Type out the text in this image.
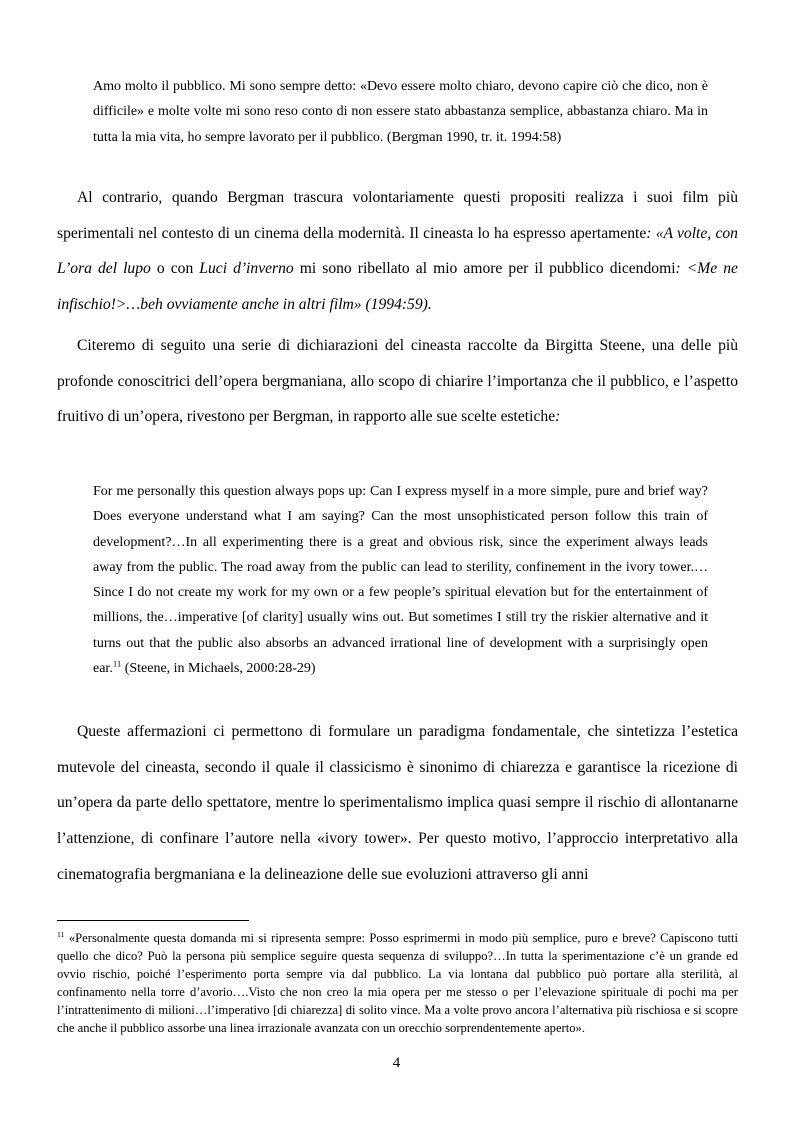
Amo molto il pubblico. Mi sono sempre detto: «Devo essere molto chiaro, devono capire ciò che dico, non è difficile» e molte volte mi sono reso conto di non essere stato abbastanza semplice, abbastanza chiaro. Ma in tutta la mia vita, ho sempre lavorato per il pubblico. (Bergman 1990, tr. it. 1994:58)

Al contrario, quando Bergman trascura volontariamente questi propositi realizza i suoi film più sperimentali nel contesto di un cinema della modernità. Il cineasta lo ha espresso apertamente: «A volte, con L’ora del lupo o con Luci d’inverno mi sono ribellato al mio amore per il pubblico dicendomi: <Me ne infischio!>…beh ovviamente anche in altri film» (1994:59).

Citeremo di seguito una serie di dichiarazioni del cineasta raccolte da Birgitta Steene, una delle più profonde conoscitrici dell’opera bergmaniana, allo scopo di chiarire l’importanza che il pubblico, e l’aspetto fruitivo di un’opera, rivestono per Bergman, in rapporto alle sue scelte estetiche:

For me personally this question always pops up: Can I express myself in a more simple, pure and brief way? Does everyone understand what I am saying? Can the most unsophisticated person follow this train of development?…In all experimenting there is a great and obvious risk, since the experiment always leads away from the public. The road away from the public can lead to sterility, confinement in the ivory tower.…Since I do not create my work for my own or a few people’s spiritual elevation but for the entertainment of millions, the…imperative [of clarity] usually wins out. But sometimes I still try the riskier alternative and it turns out that the public also absorbs an advanced irrational line of development with a surprisingly open ear.$^{11}$ (Steene, in Michaels, 2000:28-29)

Queste affermazioni ci permettono di formulare un paradigma fondamentale, che sintetizza l’estetica mutevole del cineasta, secondo il quale il classicismo è sinonimo di chiarezza e garantisce la ricezione di un’opera da parte dello spettatore, mentre lo sperimentalismo implica quasi sempre il rischio di allontanarne l’attenzione, di confinare l’autore nella «ivory tower». Per questo motivo, l’approccio interpretativo alla cinematografia bergmaniana e la delineazione delle sue evoluzioni attraverso gli anni

$^{11}$ «Personalmente questa domanda mi si ripresenta sempre: Posso esprimermi in modo più semplice, puro e breve? Capiscono tutti quello che dico? Può la persona più semplice seguire questa sequenza di sviluppo?…In tutta la sperimentazione c’è un grande ed ovvio rischio, poiché l’esperimento porta sempre via dal pubblico. La via lontana dal pubblico può portare alla sterilità, al confinamento nella torre d’avorio….Visto che non creo la mia opera per me stesso o per l’elevazione spirituale di pochi ma per l’intrattenimento di milioni…l’imperativo [di chiarezza] di solito vince. Ma a volte provo ancora l’alternativa più rischiosa e si scopre che anche il pubblico assorbe una linea irrazionale avanzata con un orecchio sorprendentemente aperto».

4
